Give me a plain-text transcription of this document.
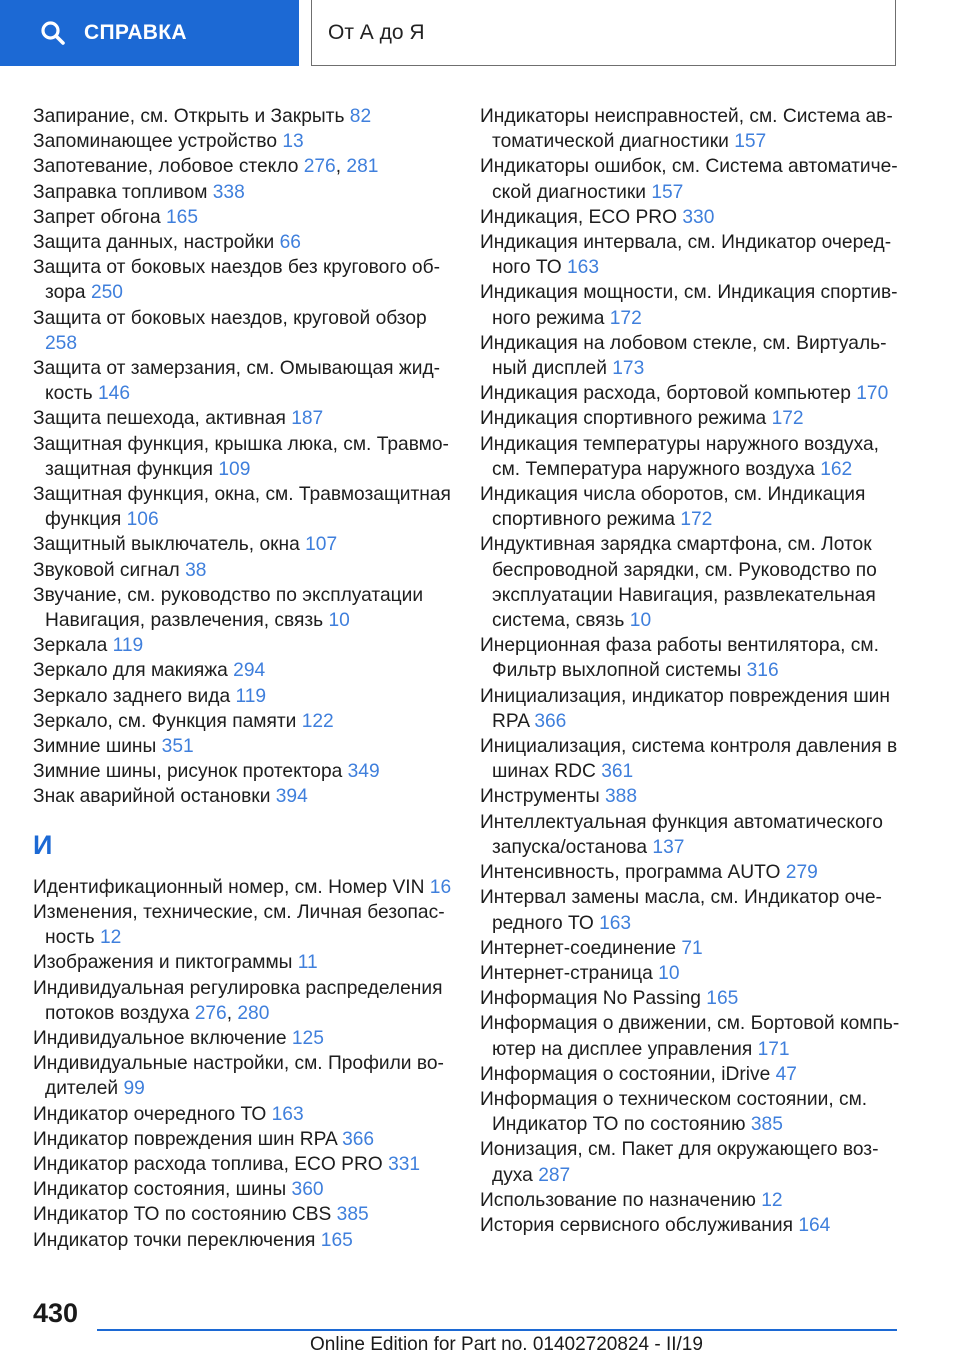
СПРАВКА	От А до Я
Запирание, см. Открыть и Закрыть 82
Запоминающее устройство 13
Запотевание, лобовое стекло 276, 281
Заправка топливом 338
Запрет обгона 165
Защита данных, настройки 66
Защита от боковых наездов без кругового обзора 250
Защита от боковых наездов, круговой обзор 258
Защита от замерзания, см. Омывающая жидкость 146
Защита пешехода, активная 187
Защитная функция, крышка люка, см. Травмозащитная функция 109
Защитная функция, окна, см. Травмозащитная функция 106
Защитный выключатель, окна 107
Звуковой сигнал 38
Звучание, см. руководство по эксплуатации Навигация, развлечения, связь 10
Зеркала 119
Зеркало для макияжа 294
Зеркало заднего вида 119
Зеркало, см. Функция памяти 122
Зимние шины 351
Зимние шины, рисунок протектора 349
Знак аварийной остановки 394
И
Идентификационный номер, см. Номер VIN 16
Изменения, технические, см. Личная безопасность 12
Изображения и пиктограммы 11
Индивидуальная регулировка распределения потоков воздуха 276, 280
Индивидуальное включение 125
Индивидуальные настройки, см. Профили водителей 99
Индикатор очередного ТО 163
Индикатор повреждения шин RPA 366
Индикатор расхода топлива, ECO PRO 331
Индикатор состояния, шины 360
Индикатор ТО по состоянию CBS 385
Индикатор точки переключения 165
Индикаторы неисправностей, см. Система автоматической диагностики 157
Индикаторы ошибок, см. Система автоматической диагностики 157
Индикация, ECO PRO 330
Индикация интервала, см. Индикатор очередного ТО 163
Индикация мощности, см. Индикация спортивного режима 172
Индикация на лобовом стекле, см. Виртуальный дисплей 173
Индикация расхода, бортовой компьютер 170
Индикация спортивного режима 172
Индикация температуры наружного воздуха, см. Температура наружного воздуха 162
Индикация числа оборотов, см. Индикация спортивного режима 172
Индуктивная зарядка смартфона, см. Лоток беспроводной зарядки, см. Руководство по эксплуатации Навигация, развлекательная система, связь 10
Инерционная фаза работы вентилятора, см. Фильтр выхлопной системы 316
Инициализация, индикатор повреждения шин RPA 366
Инициализация, система контроля давления в шинах RDC 361
Инструменты 388
Интеллектуальная функция автоматического запуска/останова 137
Интенсивность, программа AUTO 279
Интервал замены масла, см. Индикатор очередного ТО 163
Интернет-соединение 71
Интернет-страница 10
Информация No Passing 165
Информация о движении, см. Бортовой компьютер на дисплее управления 171
Информация о состоянии, iDrive 47
Информация о техническом состоянии, см. Индикатор ТО по состоянию 385
Ионизация, см. Пакет для окружающего воздуха 287
Использование по назначению 12
История сервисного обслуживания 164
430
Online Edition for Part no. 01402720824 - II/19
